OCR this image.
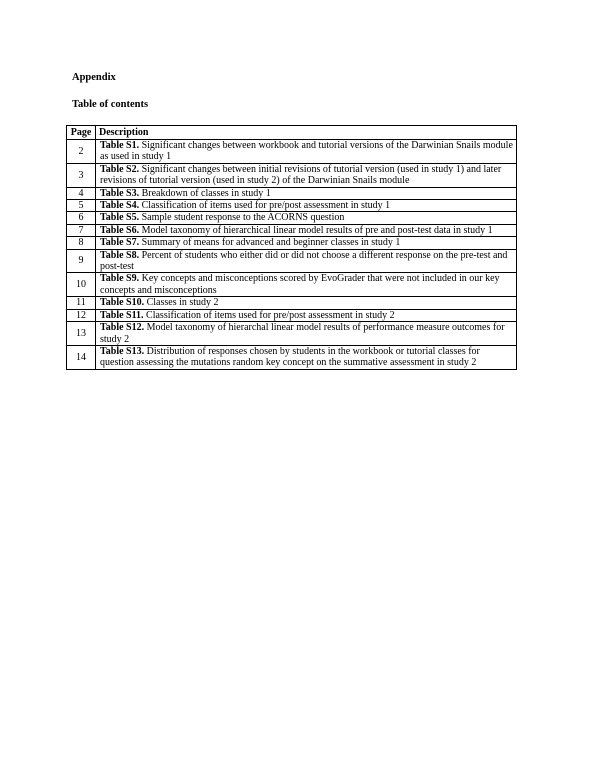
Appendix
Table of contents
Page	Description
2	Table S1. Significant changes between workbook and tutorial versions of the Darwinian Snails module as used in study 1
3	Table S2. Significant changes between initial revisions of tutorial version (used in study 1) and later revisions of tutorial version (used in study 2) of the Darwinian Snails module
4	Table S3. Breakdown of classes in study 1
5	Table S4. Classification of items used for pre/post assessment in study 1
6	Table S5. Sample student response to the ACORNS question
7	Table S6. Model taxonomy of hierarchical linear model results of pre and post-test data in study 1
8	Table S7. Summary of means for advanced and beginner classes in study 1
9	Table S8. Percent of students who either did or did not choose a different response on the pre-test and post-test
10	Table S9. Key concepts and misconceptions scored by EvoGrader that were not included in our key concepts and misconceptions
11	Table S10. Classes in study 2
12	Table S11. Classification of items used for pre/post assessment in study 2
13	Table S12. Model taxonomy of hierarchal linear model results of performance measure outcomes for study 2
14	Table S13. Distribution of responses chosen by students in the workbook or tutorial classes for question assessing the mutations random key concept on the summative assessment in study 2
